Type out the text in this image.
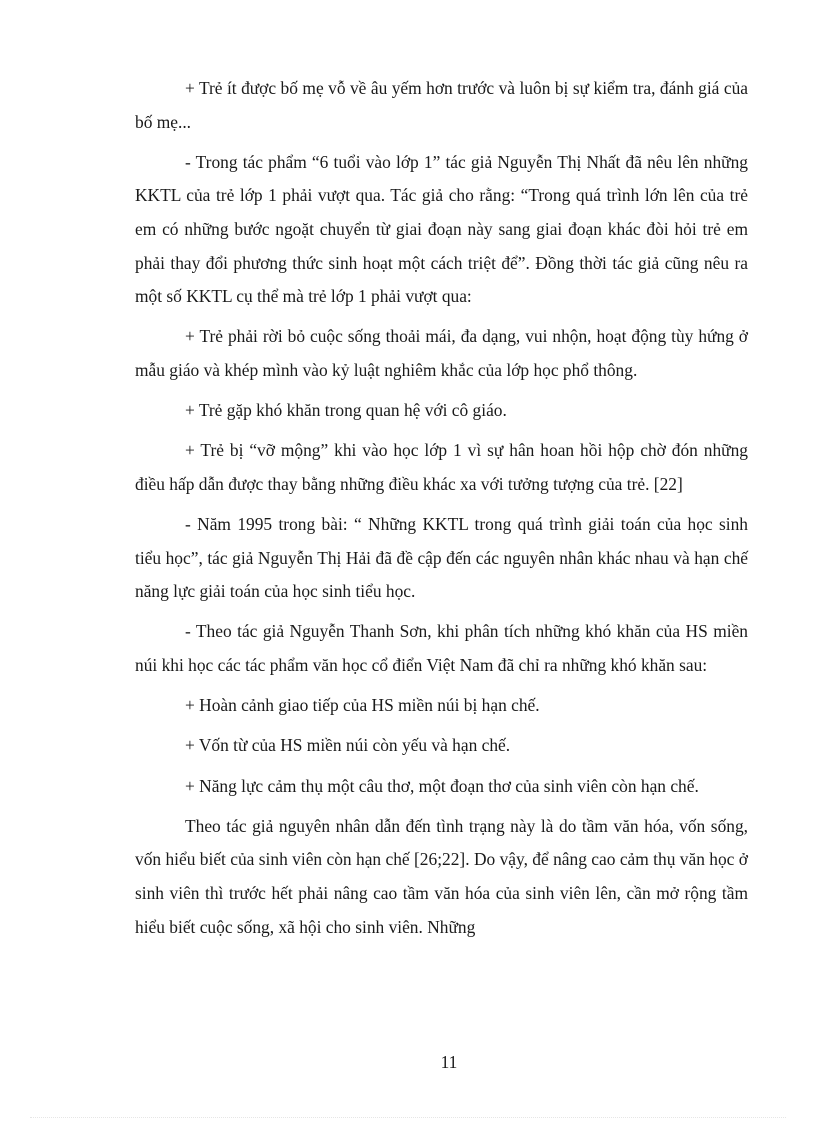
+ Trẻ ít được bố mẹ vỗ về âu yếm hơn trước và luôn bị sự kiểm tra, đánh giá của bố mẹ...

- Trong tác phẩm “6 tuổi vào lớp 1” tác giả Nguyễn Thị Nhất đã nêu lên những KKTL của trẻ lớp 1 phải vượt qua. Tác giả cho rằng: “Trong quá trình lớn lên của trẻ em có những bước ngoặt chuyển từ giai đoạn này sang giai đoạn khác đòi hỏi trẻ em phải thay đổi phương thức sinh hoạt một cách triệt để”. Đồng thời tác giả cũng nêu ra một số KKTL cụ thể mà trẻ lớp 1 phải vượt qua:

+ Trẻ phải rời bỏ cuộc sống thoải mái, đa dạng, vui nhộn, hoạt động tùy hứng ở mẫu giáo và khép mình vào kỷ luật nghiêm khắc của lớp học phổ thông.

+ Trẻ gặp khó khăn trong quan hệ với cô giáo.

+ Trẻ bị “vỡ mộng” khi vào học lớp 1 vì sự hân hoan hồi hộp chờ đón những điều hấp dẫn được thay bằng những điều khác xa với tưởng tượng của trẻ. [22]

- Năm 1995 trong bài: “ Những KKTL trong quá trình giải toán của học sinh tiểu học”, tác giả Nguyễn Thị Hải đã đề cập đến các nguyên nhân khác nhau và hạn chế năng lực giải toán của học sinh tiểu học.

- Theo tác giả Nguyễn Thanh Sơn, khi phân tích những khó khăn của HS miền núi khi học các tác phẩm văn học cổ điển Việt Nam đã chỉ ra những khó khăn sau:

+ Hoàn cảnh giao tiếp của HS miền núi bị hạn chế.

+ Vốn từ của HS miền núi còn yếu và hạn chế.

+ Năng lực cảm thụ một câu thơ, một đoạn thơ của sinh viên còn hạn chế.

Theo tác giả nguyên nhân dẫn đến tình trạng này là do tầm văn hóa, vốn sống, vốn hiểu biết của sinh viên còn hạn chế [26;22]. Do vậy, để nâng cao cảm thụ văn học ở sinh viên thì trước hết phải nâng cao tầm văn hóa của sinh viên lên, cần mở rộng tầm hiểu biết cuộc sống, xã hội cho sinh viên. Những

11
